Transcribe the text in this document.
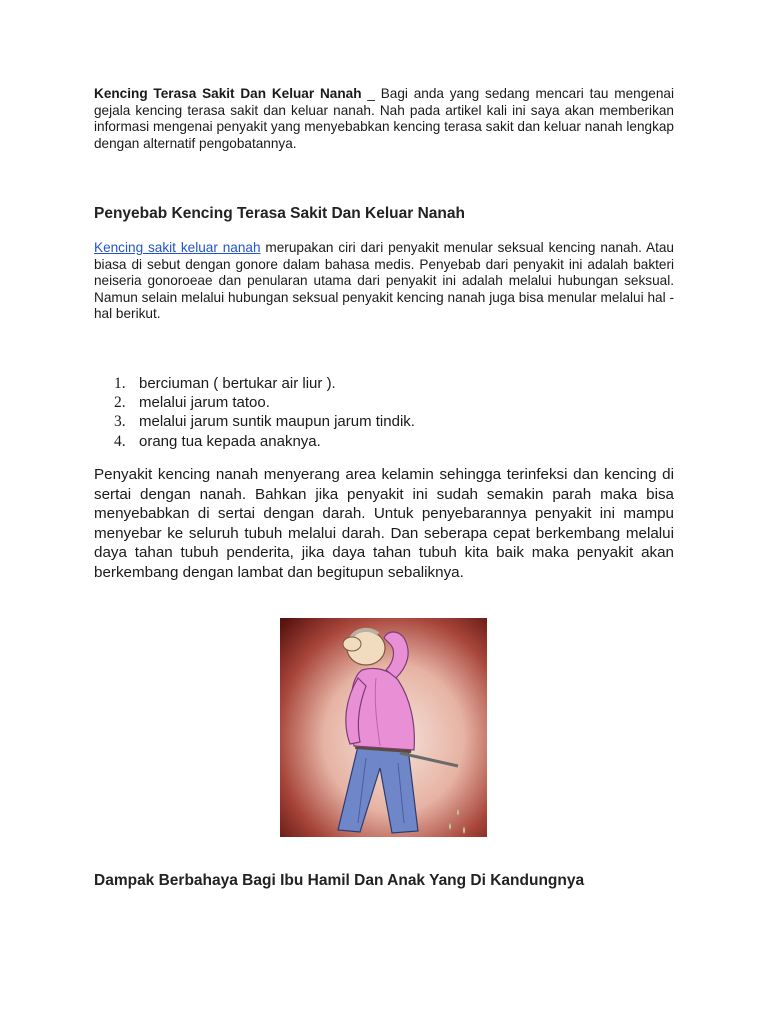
Kencing Terasa Sakit Dan Keluar Nanah _ Bagi anda yang sedang mencari tau mengenai gejala kencing terasa sakit dan keluar nanah. Nah pada artikel kali ini saya akan memberikan informasi mengenai penyakit yang menyebabkan kencing terasa sakit dan keluar nanah lengkap dengan alternatif pengobatannya.

Penyebab Kencing Terasa Sakit Dan Keluar Nanah

Kencing sakit keluar nanah merupakan ciri dari penyakit menular seksual kencing nanah. Atau biasa di sebut dengan gonore dalam bahasa medis. Penyebab dari penyakit ini adalah bakteri neiseria gonoroeae dan penularan utama dari penyakit ini adalah melalui hubungan seksual. Namun selain melalui hubungan seksual penyakit kencing nanah juga bisa menular melalui hal - hal berikut.

1. berciuman ( bertukar air liur ).
2. melalui jarum tatoo.
3. melalui jarum suntik maupun jarum tindik.
4. orang tua kepada anaknya.

Penyakit kencing nanah menyerang area kelamin sehingga terinfeksi dan kencing di sertai dengan nanah. Bahkan jika penyakit ini sudah semakin parah maka bisa menyebabkan di sertai dengan darah. Untuk penyebarannya penyakit ini mampu menyebar ke seluruh tubuh melalui darah. Dan seberapa cepat berkembang melalui daya tahan tubuh penderita, jika daya tahan tubuh kita baik maka penyakit akan berkembang dengan lambat dan begitupun sebaliknya.

Dampak Berbahaya Bagi Ibu Hamil Dan Anak Yang Di Kandungnya
